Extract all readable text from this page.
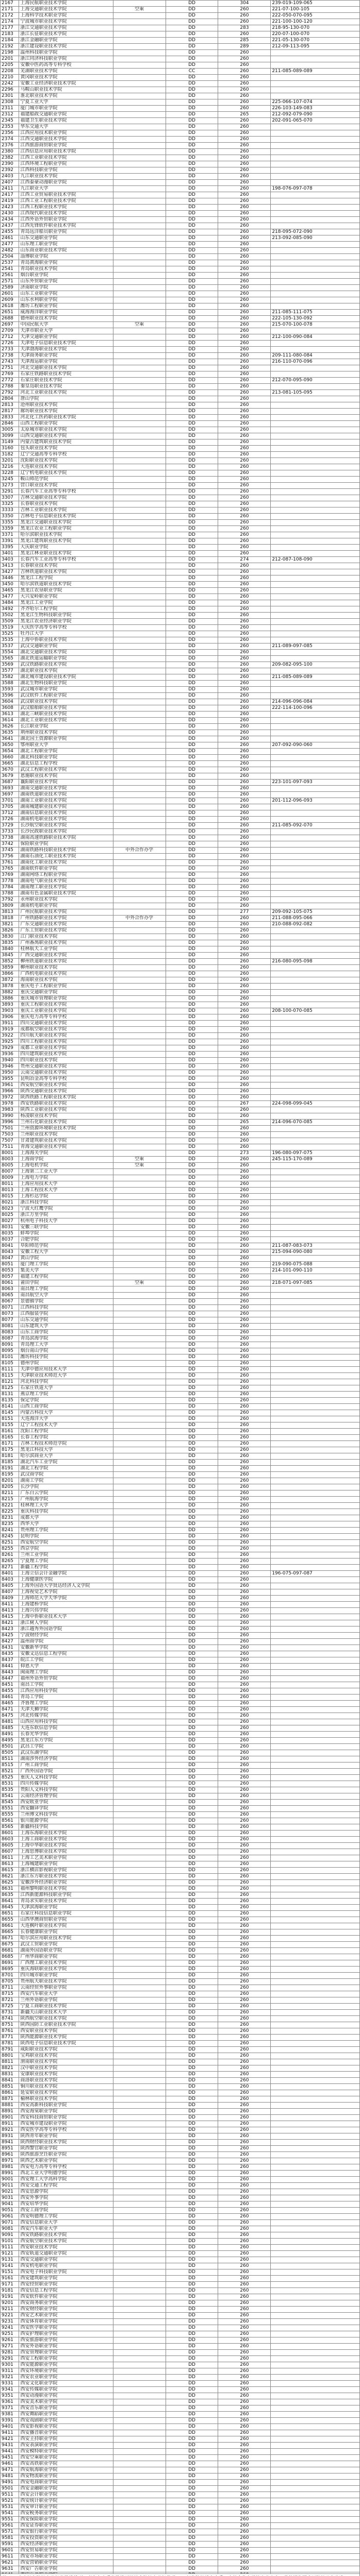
2167	上海民航职业技术学院		DD	304	239-019-109-065
2171	上海交通职业技术学院	空乘	DD	260	221-07-100-105
2172	上海科学技术职业学院		DD	260	222-050-070-095
2174	宁波城市职业技术学院		DD	260	221-100-100-120
2177	浙江交通职业技术学院		DD	283	218-95-130-070
2183	浙江长征职业技术学院		DD	260	220-07-100-070
2184	浙江金融职业学院		DD	285	221-05-130-070
2192	浙江建设职业技术学院		DD	289	212-09-113-095
2198	温州科技职业学院		DD	260	
2201	浙江同济科技职业学院		DD	260	
2205	安徽中医药高等专科学校		DD	260	
2208	芜湖职业技术学院		CC	260	211-085-089-089
2210	黄冈职业技术学院		DD	260	
2242	安徽工业经济职业技术学院		DD	260	
2296	马鞍山职业技术学院		DD	260	
2301	淮北职业技术学院		DD	260	
2308	宁夏工业大学		DD	260	225-066-107-074
2311	厦门城市职业学院		DD	260	226-103-149-083
2312	福建船政交通职业学院		DD	265	212-092-079-090
2345	福建卫生职业技术学院		DD	260	202-091-065-070
2353	华东交通大学		DD	260	
2356	江西应用技术职业学院		DD	260	
2374	江西交通职业技术学院		DD	260	
2376	江西旅游商贸职业学院		DD	260	
2380	江西信息应用职业技术学院		DD	260	
2382	江西工业职业技术学院		DD	260	
2390	江西环境工程职业学院		DD	260	
2392	江西科技职业学院		DD	260	
2403	九江职业技术学院		DD	260	
2407	江西泰豪动漫职业学院		DD	260	
2411	九江职业大学		DD	260	198-076-097-078
2417	江西工业贸易职业技术学院		DD	260	
2419	江西工业工程职业技术学院		DD	260	
2423	江西工程职业技术学院		DD	260	
2430	江西现代职业技术学院		DD	260	
2434	江西外语外贸职业学院		DD	260	
2437	江西先锋软件职业技术学院		DD	260	
2455	青岛远洋船员职业学院		DD	260	218-095-072-090
2461	山东交通职业学院		DD	260	213-092-085-090
2477	山东理工职业学院		DD	260	
2482	山东商业职业技术学院		DD	260	
2504	淄博职业学院		DD	260	
2537	青岛黄海职业学院		DD	260	
2541	青岛职业技术学院		DD	260	
2561	烟台职业学院		DD	260	
2571	山东外贸职业学院		DD	260	
2589	济南职业学院		DD	260	
2601	山东工业职业学院		DD	260	
2609	山东水利职业学院		DD	260	
2618	潍坊工程职业学院		DD	260	
2651	威海海洋职业学院		DD	260	211-085-111-075
2688	德州职业技术学院		DD	260	222-105-130-092
2697	中国民航大学	空乘	DD	260	215-070-100-078
2709	天津市职业大学		DD	260	
2712	天津交通职业学院		DD	260	212-100-090-084
2726	天津电子信息职业技术学院		DD	260	
2733	天津渤海职业技术学院		DD	260	
2738	天津商务职业学院		DD	260	209-111-080-084
2743	天津海运职业学院		DD	260	216-110-070-096
2751	河北交通职业技术学院		DD	260	
2769	石家庄铁路职业技术学院		DD	260	
2772	石家庄职业技术学院		DD	260	212-070-095-090
2788	秦皇岛职业技术学院		DD	260	
2792	河北工业职业技术学院		DD	260	213-081-105-095
2804	唐山学院		DD	260	
2813	沧州职业技术学院		DD	260	
2817	廊坊职业技术学院		DD	260	
2833	河北化工医药职业技术学院		DD	260	
2846	山西工程职业学院		DD	260	
3005	太原城市职业技术学院		DD	260	
3099	山西交通职业技术学院		DD	260	
3149	内蒙古建筑职业技术学院		DD	260	
3160	包头职业技术学院		DD	260	
3182	辽宁交通高等专科学校		DD	260	
3201	沈阳职业技术学院		DD	260	
3216	大连职业技术学院		DD	260	
3228	辽宁机电职业技术学院		DD	260	
3245	鞍山师范学院		DD	260	
3273	营口职业技术学院		DD	260	
3291	长春汽车工业高等专科学校		DD	260	
3307	吉林交通职业技术学院		DD	260	
3325	长春职业技术学院		DD	260	
3333	吉林工业职业技术学院		DD	260	
3350	吉林电子信息职业技术学院		DD	260	
3355	黑龙江交通职业技术学院		DD	260	
3359	黑龙江农业工程职业学院		DD	260	
3371	哈尔滨职业技术学院		DD	260	
3391	黑龙江建筑职业技术学院		DD	260	
3395	大庆职业学院		DD	260	
3401	黑龙江林业职业技术学院		DD	260	
3403	长春汽车工业高等专科学校		DD	274	212-087-108-090
3413	长春职业技术学院		DD	260	
3427	吉林铁道职业技术学院		DD	260	
3446	黑龙江工程学院		DD	260	
3450	哈尔滨铁道职业技术学院		DD	260	
3465	黑龙江农垦职业学院		DD	260	
3477	大兴安岭职业学院		DD	260	
3484	黑龙江工业学院		DD	260	
3492	齐齐哈尔工程学院		DD	260	
3502	黑龙江生物科技职业学院		DD	260	
3509	黑龙江农业经济职业学院		DD	260	
3519	大庆医学高等专科学校		DD	260	
3525	牡丹江大学		DD	260	
3535	上海中侨职业技术学院		DD	260	
3537	武汉交通职业学院		DD	260	211-089-097-085
3554	湖北交通职业技术学院		DD	260	
3565	湖北铁道运输职业学院		DD	260	
3569	武汉铁路职业技术学院		DD	260	209-082-095-100
3577	湖北职业技术学院		DD	260	
3582	湖北城市建设职业技术学院		DD	260	211-085-089-089
3588	湖北生物科技职业学院		DD	260	
3593	武汉城市职业学院		DD	260	
3596	武汉软件工程职业学院		DD	260	
3604	武汉职业技术学院		DD	260	214-096-096-084
3608	武汉船舶职业技术学院		DD	260	222-114-100-096
3613	湖北三峡职业技术学院		DD	260	
3614	湖北工业职业技术学院		DD	260	
3626	长江职业学院		DD	260	
3635	荆州职业技术学院		DD	260	
3641	湖北国土资源职业学院		DD	260	
3650	鄂州职业大学		DD	260	207-092-090-060
3654	湖北工程职业学院		DD	260	
3660	湖北科技职业学院		DD	260	
3665	湖北信息工程学校		DD	260	
3670	武汉工程职业技术学院		DD	260	
3679	恩施职业技术学院		DD	260	
3687	襄阳职业技术学院		DD	260	223-101-097-093
3693	湖南交通职业技术学院		DD	260	
3697	湖南铁道职业技术学院		DD	260	
3701	湖南工业职业技术学院		DD	260	201-112-096-093
3705	湖南城建职业技术学院		DD	260	
3712	湖南信息职业技术学院		DD	260	
3726	湖南机电职业技术学院		DD	260	
3729	长沙航空职业技术学院		DD	260	211-085-092-070
3733	长沙民政职业技术学院		DD	260	
3738	湖南高速铁路职业技术学院		DD	260	
3742	保险职业学院		DD	260	
3745	湖南铁路科技职业技术学院	中外合作办学	DD	260	
3756	湖南石油化工职业技术学院		DD	260	
3761	湖南化工职业技术学院		DD	260	
3765	湖南软件职业学院		DD	260	
3769	湖南网络工程职业学院		DD	260	
3778	湖南电气职业技术学院		DD	260	
3784	湖南理工职业技术学院		DD	260	
3788	湖南有色金属职业技术学院		DD	260	
3792	永州职业技术学院		DD	260	
3809	湖南机电职业学院		DD	260	
3813	广州民航职业技术学院		DD	277	209-092-105-075
3818	广州铁路职业技术学院	中外合作办学	DD	260	211-088-095-066
3821	广东交通职业技术学院		DD	260	210-088-092-082
3826	广东工贸职业技术学院		DD	260	
3830	江门职业技术学院		DD	260	
3835	广州番禺职业技术学院		DD	260	
3840	桂林航天工业学院		DD	260	
3845	广西交通职业技术学院		DD	260	
3852	柳州铁道职业技术学院		DD	260	216-080-095-098
3859	柳州职业技术学院		DD	260	
3866	广西机电职业技术学院		DD	260	
3872	海南职业技术学院		DD	260	
3878	重庆电子工程职业学院		DD	260	
3882	重庆交通职业学院		DD	260	
3886	重庆城市管理职业学院		DD	260	
3893	重庆工程职业技术学院		DD	260	
3903	重庆工业职业技术学院		DD	260	208-100-070-085
3906	重庆电力高等专科学校		DD	260	
3911	四川交通职业技术学院		DD	260	
3919	成都航空职业技术学院		DD	260	
3922	四川航天职业技术学院		DD	260	
3925	四川工程职业技术学院		DD	260	
3929	成都工业职业技术学院		DD	260	
3936	四川建筑职业技术学院		DD	260	
3940	四川职业技术学院		DD	260	
3946	贵州交通职业技术学院		DD	260	
3950	云南交通职业技术学院		DD	260	
3955	昆明冶金高等专科学校		DD	260	
3961	西安航空职业技术学院		DD	260	
3966	陕西交通职业技术学院		DD	260	
3972	陕西铁路工程职业技术学院		DD	260	
3978	西安铁路职业技术学院		DD	267	224-098-099-045
3983	陕西工业职业技术学院		DD	260	
3990	杨凌职业技术学院		DD	260	
3996	兰州石化职业技术学院		DD	265	214-096-070-085
7501	兰州资源环境职业技术学院		DD	260	
7503	兰州职业技术学院		DD	260	
7507	甘肃建筑职业技术学院		DD	260	
7511	青海交通职业技术学院		DD	260	
8001	上海海关学院		DD	273	196-080-097-075
8003	上海商学院	空乘	DD	260	245-115-170-089
8005	上海电机学院	空乘	DD	260	
8007	上海第二工业大学		DD	260	
8009	上海电力学院		DD	260	
8011	上海应用技术大学		DD	260	
8013	上海工程技术大学		DD	260	
8015	上海杉达学院		DD	260	
8021	浙江科技学院		DD	260	
8023	宁波大红鹰学院		DD	260	
8025	浙江万里学院		DD	260	
8027	杭州电子科技大学		DD	260	
8031	安徽三联学院		DD	260	
8035	蚌埠学院		DD	260	
8037	合肥学院		DD	260	
8041	阜阳师范学院		DD	260	211-087-083-073
8043	安徽工程大学		DD	260	215-094-090-080
8047	黄山学院		DD	260	
8051	厦门理工学院		DD	260	219-090-075-088
8053	集美大学		DD	260	214-101-090-110
8057	福建工程学院		DD	260	
8061	莆田学院	空乘	DD	260	218-071-097-085
8063	南昌理工学院		DD	260	
8065	南昌航空大学		DD	260	
8067	景德镇学院		DD	260	
8071	江西科技学院		DD	260	
8073	江西服装学院		DD	260	
8077	山东交通学院		DD	260	
8081	山东建筑大学		DD	260	
8083	山东工商学院		DD	260	
8087	青岛滨海学院		DD	260	
8091	青岛理工大学		DD	260	
8095	烟台南山学院		DD	260	
8101	潍坊科技学院		DD	260	
8105	德州学院		DD	260	
8111	天津中德应用技术大学		DD	260	
8115	天津职业技术师范大学		DD	260	
8121	河北科技学院		DD	260	
8125	石家庄铁道大学		DD	260	
8131	燕京理工学院		DD	260	
8135	保定学院		DD	260	
8141	山西工商学院		DD	260	
8145	内蒙古科技大学		DD	260	
8151	大连海洋大学		DD	260	
8155	辽宁工程技术大学		DD	260	
8161	沈阳工程学院		DD	260	
8165	长春工程学院		DD	260	
8171	吉林工程技术师范学院		DD	260	
8175	黑龙江科技大学		DD	260	
8181	哈尔滨商业大学		DD	260	
8185	湖北汽车工业学院		DD	260	
8191	湖北工程学院		DD	260	
8195	武汉商学院		DD	260	
8201	湖南工学院		DD	260	
8205	长沙学院		DD	260	
8211	广东白云学院		DD	260	
8215	广州航海学院		DD	260	
8221	桂林理工大学		DD	260	
8225	重庆科技学院		DD	260	
8231	成都大学		DD	260	
8235	西华大学		DD	260	
8241	贵州理工学院		DD	260	
8245	昆明学院		DD	260	
8251	西安航空学院		DD	260	
8255	西京学院		DD	260	
8261	兰州工业学院		DD	260	
8265	宁夏理工学院		DD	260	
8271	新疆工程学院		DD	260	
8401	上海立信会计金融学院		DD	260	196-075-097-087
8403	上海健康医学院		DD	260	
8405	上海外国语大学贤达经济人文学院		DD	260	
8407	上海视觉艺术学院		DD	260	
8409	上海师范大学天华学院		DD	260	
8411	上海建桥学院		DD	260	
8413	上海兴伟学院		DD	260	
8415	上海中侨职业技术大学		DD	260	
8421	浙江树人学院		DD	260	
8423	浙江越秀外国语学院		DD	260	
8425	宁波财经学院		DD	260	
8427	温州商学院		DD	260	
8431	安徽新华学院		DD	260	
8435	安徽文达信息工程学院		DD	260	
8437	皖江工学院		DD	260	
8441	仰恩大学		DD	260	
8443	闽南理工学院		DD	260	
8447	福州外语外贸学院		DD	260	
8451	南昌工学院		DD	260	
8455	江西应用科技学院		DD	260	
8461	青岛工学院		DD	260	
8465	齐鲁理工学院		DD	260	
8471	天津天狮学院		DD	260	
8475	河北传媒学院		DD	260	
8481	山西应用科技学院		DD	260	
8485	大连东软信息学院		DD	260	
8491	长春光华学院		DD	260	
8495	黑龙江东方学院		DD	260	
8501	武昌工学院		DD	260	
8505	武汉东湖学院		DD	260	
8511	湖南涉外经济学院		DD	260	
8515	广州工商学院		DD	260	
8521	广西外国语学院		DD	260	
8525	重庆人文科技学院		DD	260	
8531	四川传媒学院		DD	260	
8535	贵阳人文科技学院		DD	260	
8541	云南经济管理学院		DD	260	
8545	西安欧亚学院		DD	260	
8551	西安翻译学院		DD	260	
8555	兰州博文科技学院		DD	260	
8561	银川能源学院		DD	260	
8565	新疆科技学院		DD	260	
8601	上海东海职业技术学院		DD	260	
8603	上海工商职业技术学院		DD	260	
8605	上海中华职业技术学院		DD	260	
8607	上海思博职业技术学院		DD	260	
8611	上海工艺美术职业学院		DD	260	
8613	上海城建职业学院		DD	260	
8615	浙江横店影视职业学院		DD	260	
8621	浙江东方职业技术学院		DD	260	
8625	安徽涉外经济职业学院		DD	260	
8631	福州黎明职业技术学院		DD	260	
8635	江西新能源科技职业学院		DD	260	
8641	青岛求实职业技术学院		DD	260	
8645	天津滨海职业学院		DD	260	
8651	石家庄科技信息职业学院		DD	260	
8655	山西华澳商贸职业学院		DD	260	
8661	大连枫叶职业技术学院		DD	260	
8665	长春健康职业学院		DD	260	
8671	哈尔滨应用职业技术学院		DD	260	
8675	武汉工贸职业学院		DD	260	
8681	湖南外国语职业学院		DD	260	
8685	广州华商职业学院		DD	260	
8691	广西理工职业技术学院		DD	260	
8695	重庆海联职业技术学院		DD	260	
8701	四川城市职业学院		DD	260	
8705	贵州航天职业技术学院		DD	260	
8711	云南经贸外事职业学院		DD	260	
8715	西安汽车职业大学		DD	260	
8721	兰州外语职业学院		DD	260	
8725	宁夏工商职业技术学院		DD	260	
8731	新疆天山职业技术大学		DD	260	
8741	陕西航空职业技术学院		DD	260	
8751	陕西国防工业职业技术学院		DD	260	
8761	西安职业技术学院		DD	260	
8771	陕西能源职业技术学院		DD	260	
8781	陕西电子信息职业技术学院		DD	260	
8791	咸阳职业技术学院		DD	260	
8801	宝鸡职业技术学院		DD	260	
8811	渭南职业技术学院		DD	260	
8821	汉中职业技术学院		DD	260	
8831	安康职业技术学院		DD	260	
8841	商洛职业技术学院		DD	260	
8851	铜川职业技术学院		DD	260	
8861	延安职业技术学院		DD	260	
8871	榆林职业技术学院		DD	260	
8881	西安高新科技职业学院		DD	260	
8891	西安海棠职业学院		DD	260	
8901	西安科技商贸职业学院		DD	260	
8911	西安城市建设职业学院		DD	260	
8921	西安医学高等专科学校		DD	260	
8931	陕西青年职业学院		DD	260	
8941	陕西财经职业技术学院		DD	260	
8951	陕西警官职业学院		DD	260	
8961	陕西旅游烹饪职业学院		DD	260	
8971	陕西艺术职业学院		DD	260	
8981	西安电力高等专科学校		DD	260	
8991	西北工业大学明德学院		DD	260	
9001	西安理工大学高科学院		DD	260	
9011	西安交通工程学院		DD	260	
9021	西安思源学院		DD	260	
9031	西安外事学院		DD	260	
9041	西安培华学院		DD	260	
9051	西安工商学院		DD	260	
9061	西安明德理工学院		DD	260	
9071	西安信息职业大学		DD	260	
9081	西安汽车职业大学		DD	260	
9091	西安铁路职业技术学院		DD	260	
9101	西安航空职业技术学院		DD	260	
9111	西安职业技术学院		DD	260	
9121	西安轨道交通职业学院		DD	260	
9131	西安交通职业学院		DD	260	
9141	西安机电职业学院		DD	260	
9151	西安电子科技职业学院		DD	260	
9161	西安建筑职业学院		DD	260	
9171	西安经贸职业学院		DD	260	
9181	西安信息工程学院		DD	260	
9191	西安软件职业学院		DD	260	
9201	西安商务职业学院		DD	260	
9211	西安财经职业学院		DD	260	
9221	西安艺术职业学院		DD	260	
9231	西安体育职业学院		DD	260	
9241	西安医学职业学院		DD	260	
9251	西安护理职业学院		DD	260	
9261	西安旅游职业学院		DD	260	
9271	西安外语职业学院		DD	260	
9281	西安管理职业学院		DD	260	
9291	西安工程职业学院		DD	260	
9301	西安能源职业学院		DD	260	
9311	西安环境职业学院		DD	260	
9321	西安农业职业学院		DD	260	
9331	西安文化职业学院		DD	260	
9341	西安传媒职业学院		DD	260	
9351	西安动漫职业学院		DD	260	
9361	西安美术职业学院		DD	260	
9371	西安音乐职业学院		DD	260	
9381	西安舞蹈职业学院		DD	260	
9391	西安戏剧职业学院		DD	260	
9401	西安影视职业学院		DD	260	
9411	西安播音职业学院		DD	260	
9421	西安主持职业学院		DD	260	
9431	西安表演职业学院		DD	260	
9441	西安模特职业学院		DD	260	
9451	西安空乘职业学院		DD	260	
9461	西安高铁职业学院		DD	260	
9471	西安航海职业学院		DD	260	
9481	西安物流职业学院		DD	260	
9491	西安电商职业学院		DD	260	
9501	西安金融职业学院		DD	260	
9511	西安会计职业学院		DD	260	
9521	西安统计职业学院		DD	260	
9531	西安审计职业学院		DD	260	
9541	西安税务职业学院		DD	260	
9551	西安保险职业学院		DD	260	
9561	西安证券职业学院		DD	260	
9571	西安银行职业学院		DD	260	
9581	西安投资职业学院		DD	260	
9591	西安经济职业学院		DD	260	
9601	西安贸易职业学院		DD	260	
9611	西安市场职业学院		DD	260	
9621	西安营销职业学院		DD	260	
9631	西安广告职业学院		DD	260	
